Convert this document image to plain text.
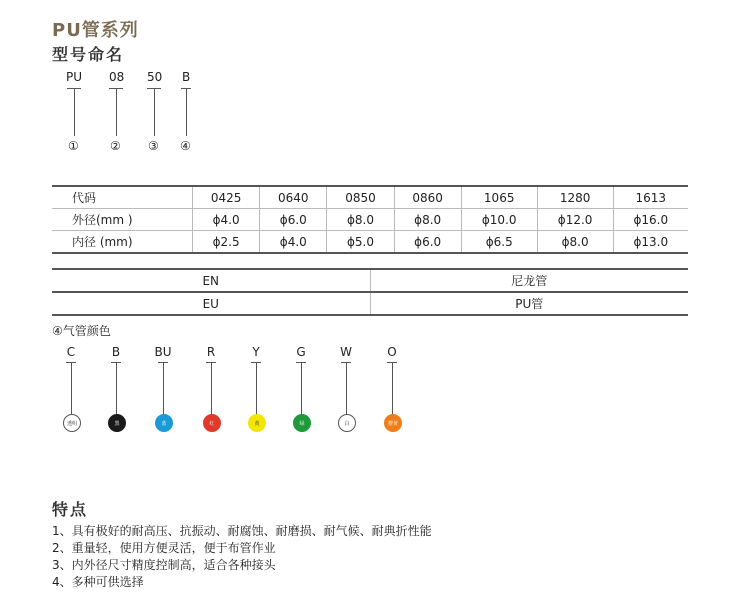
PU管系列
型号命名
PU 08 50 B
①	② ③ ④
代码	0425	0640	0850	0860	1065	1280	1613
外径(mm )	ϕ4.0	ϕ6.0	ϕ8.0	ϕ8.0	ϕ10.0	ϕ12.0	ϕ16.0
内径 (mm)	ϕ2.5	ϕ4.0	ϕ5.0	ϕ6.0	ϕ6.5	ϕ8.0	ϕ13.0
EN	尼龙管
EU	PU管
④气管颜色
C	B	BU	R	Y	G	W	O
透明	黑	蓝	红	黄	绿	白	橙黄
特点
1、具有极好的耐高压、抗振动、耐腐蚀、耐磨损、耐气候、耐典折性能
2、重量轻，使用方便灵活，便于布管作业
3、内外径尺寸精度控制高，适合各种接头
4、多种可供选择
